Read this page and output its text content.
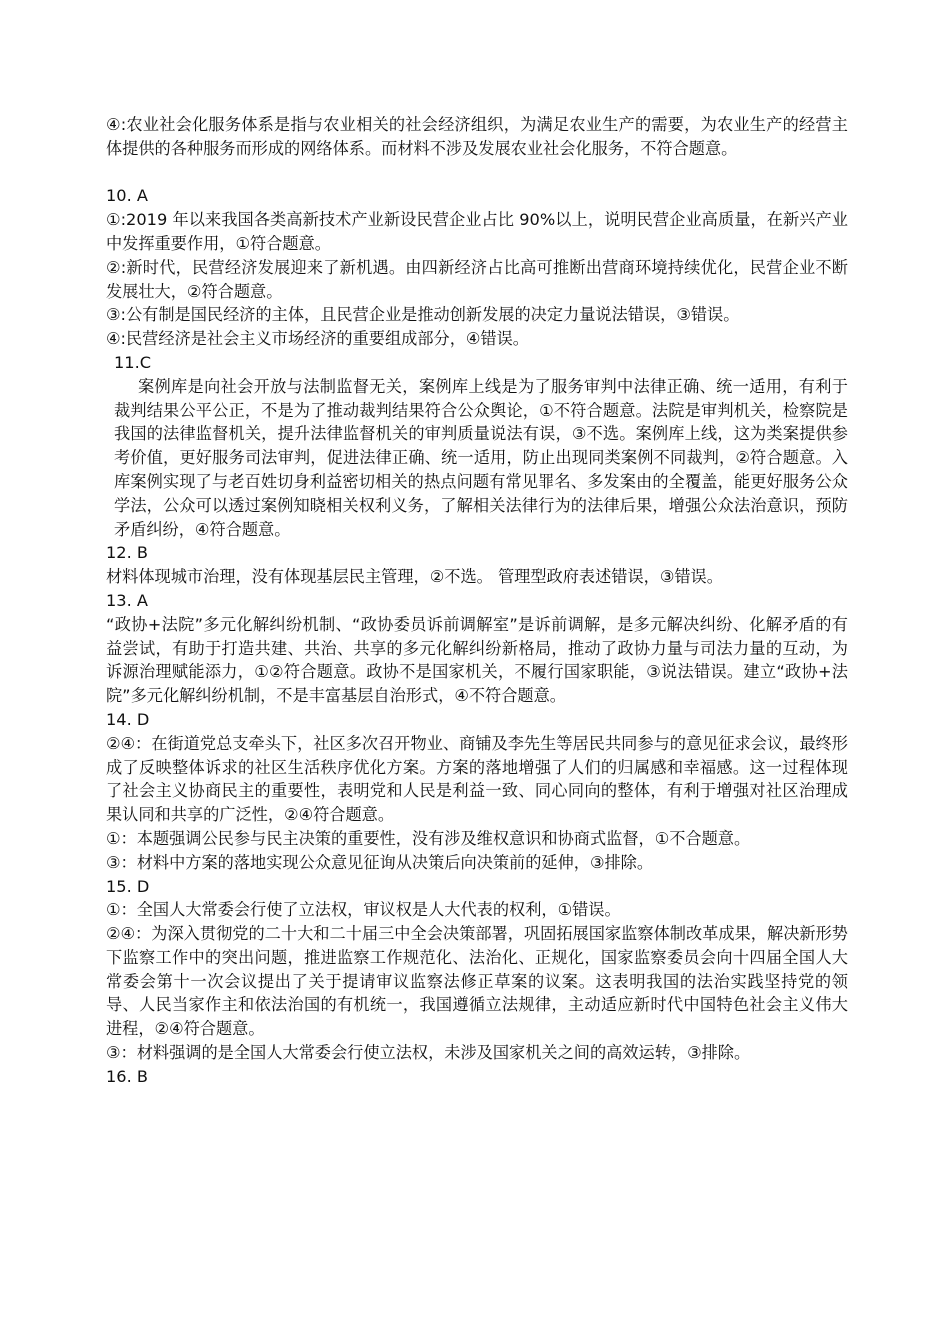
④:农业社会化服务体系是指与农业相关的社会经济组织，为满足农业生产的需要，为农业生产的经营主体提供的各种服务而形成的网络体系。而材料不涉及发展农业社会化服务，不符合题意。

10. A

①:2019 年以来我国各类高新技术产业新设民营企业占比 90%以上，说明民营企业高质量，在新兴产业中发挥重要作用，①符合题意。

②:新时代，民营经济发展迎来了新机遇。由四新经济占比高可推断出营商环境持续优化，民营企业不断发展壮大，②符合题意。

③:公有制是国民经济的主体，且民营企业是推动创新发展的决定力量说法错误，③错误。

④:民营经济是社会主义市场经济的重要组成部分，④错误。

11.C

案例库是向社会开放与法制监督无关，案例库上线是为了服务审判中法律正确、统一适用，有利于裁判结果公平公正，不是为了推动裁判结果符合公众舆论，①不符合题意。法院是审判机关，检察院是我国的法律监督机关，提升法律监督机关的审判质量说法有误，③不选。案例库上线，这为类案提供参考价值，更好服务司法审判，促进法律正确、统一适用，防止出现同类案例不同裁判，②符合题意。入库案例实现了与老百姓切身利益密切相关的热点问题有常见罪名、多发案由的全覆盖，能更好服务公众学法，公众可以透过案例知晓相关权利义务，了解相关法律行为的法律后果，增强公众法治意识，预防矛盾纠纷，④符合题意。

12. B

材料体现城市治理，没有体现基层民主管理，②不选。 管理型政府表述错误，③错误。

13. A

“政协+法院”多元化解纠纷机制、“政协委员诉前调解室”是诉前调解，是多元解决纠纷、化解矛盾的有益尝试，有助于打造共建、共治、共享的多元化解纠纷新格局，推动了政协力量与司法力量的互动，为诉源治理赋能添力，①②符合题意。政协不是国家机关，不履行国家职能，③说法错误。建立“政协+法院”多元化解纠纷机制，不是丰富基层自治形式，④不符合题意。

14. D

②④：在街道党总支牵头下，社区多次召开物业、商铺及李先生等居民共同参与的意见征求会议，最终形成了反映整体诉求的社区生活秩序优化方案。方案的落地增强了人们的归属感和幸福感。这一过程体现了社会主义协商民主的重要性，表明党和人民是利益一致、同心同向的整体，有利于增强对社区治理成果认同和共享的广泛性，②④符合题意。

①：本题强调公民参与民主决策的重要性，没有涉及维权意识和协商式监督，①不合题意。

③：材料中方案的落地实现公众意见征询从决策后向决策前的延伸，③排除。

15. D

①：全国人大常委会行使了立法权，审议权是人大代表的权利，①错误。

②④：为深入贯彻党的二十大和二十届三中全会决策部署，巩固拓展国家监察体制改革成果，解决新形势下监察工作中的突出问题，推进监察工作规范化、法治化、正规化，国家监察委员会向十四届全国人大常委会第十一次会议提出了关于提请审议监察法修正草案的议案。这表明我国的法治实践坚持党的领导、人民当家作主和依法治国的有机统一，我国遵循立法规律，主动适应新时代中国特色社会主义伟大进程，②④符合题意。

③：材料强调的是全国人大常委会行使立法权，未涉及国家机关之间的高效运转，③排除。

16. B
